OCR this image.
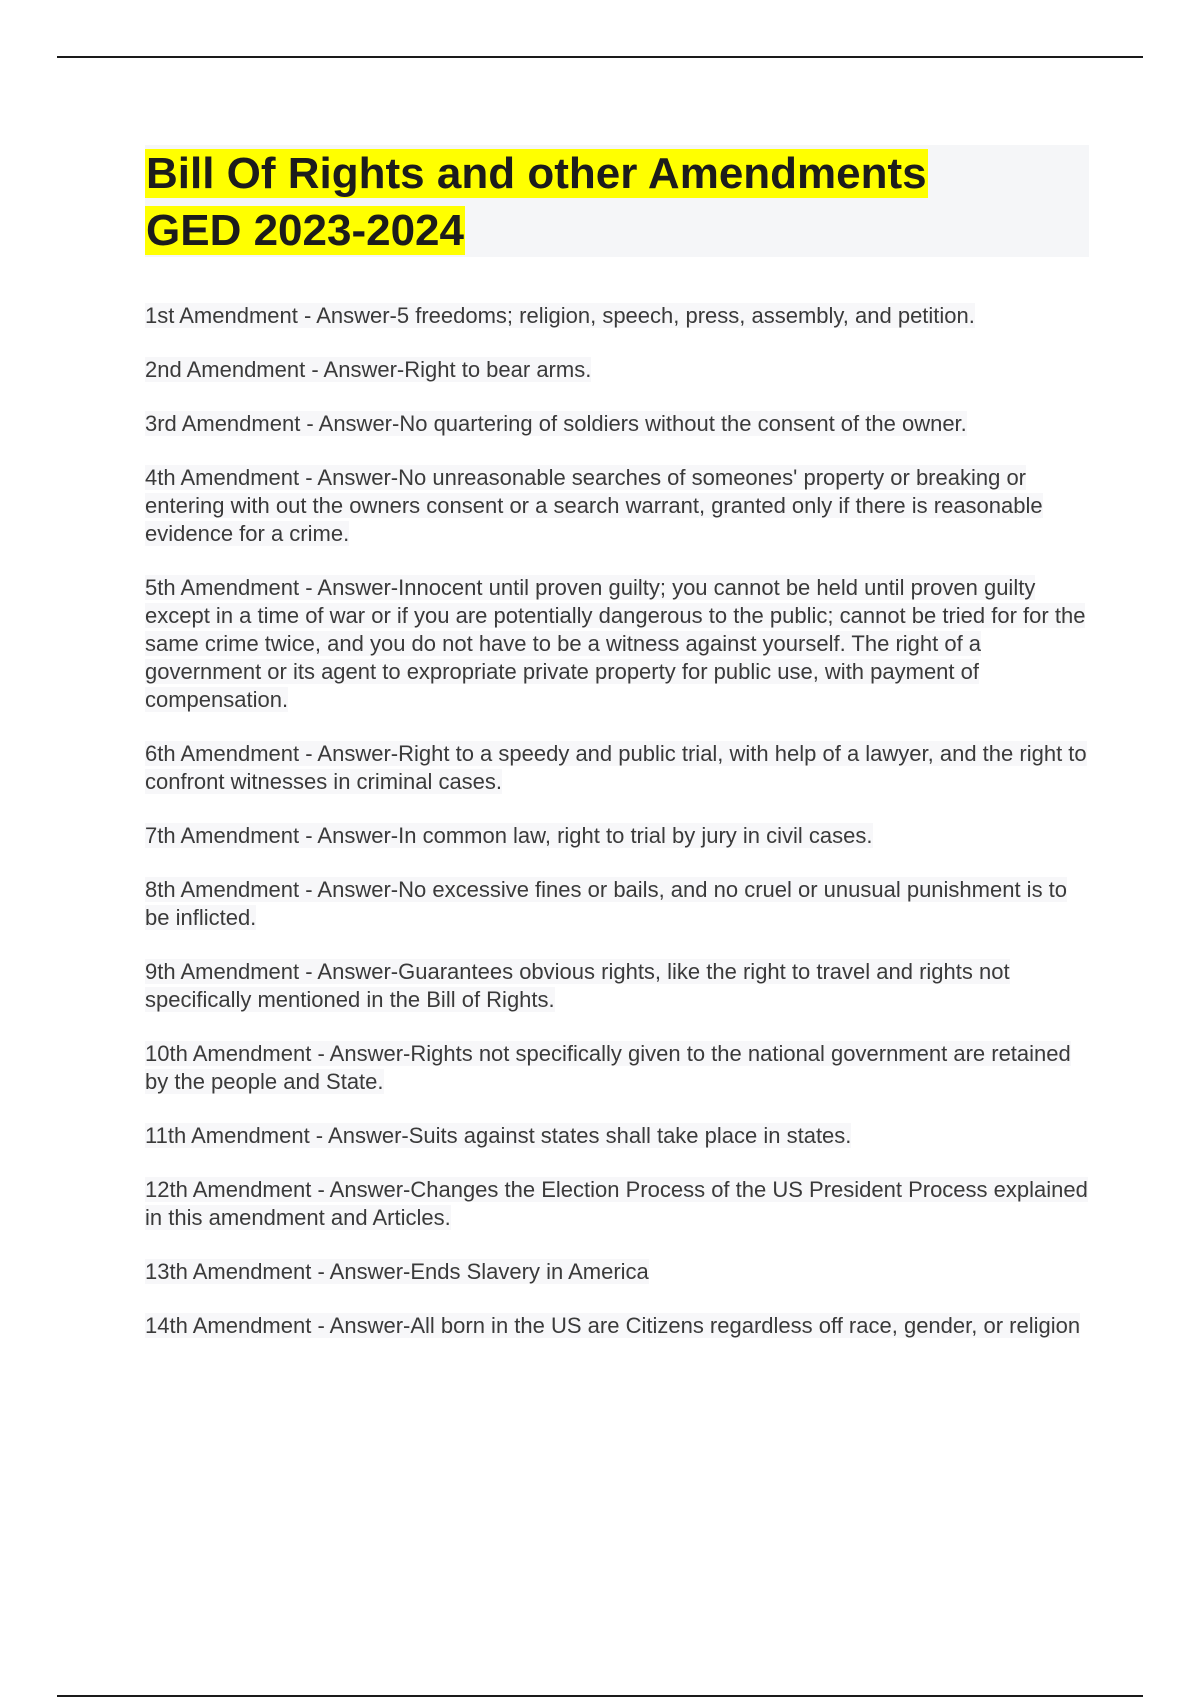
Bill Of Rights and other Amendments
GED 2023-2024
1st Amendment - Answer-5 freedoms; religion, speech, press, assembly, and petition.
2nd Amendment - Answer-Right to bear arms.
3rd Amendment - Answer-No quartering of soldiers without the consent of the owner.
4th Amendment - Answer-No unreasonable searches of someones' property or breaking or entering with out the owners consent or a search warrant, granted only if there is reasonable evidence for a crime.
5th Amendment - Answer-Innocent until proven guilty; you cannot be held until proven guilty except in a time of war or if you are potentially dangerous to the public; cannot be tried for for the same crime twice, and you do not have to be a witness against yourself. The right of a government or its agent to expropriate private property for public use, with payment of compensation.
6th Amendment - Answer-Right to a speedy and public trial, with help of a lawyer, and the right to confront witnesses in criminal cases.
7th Amendment - Answer-In common law, right to trial by jury in civil cases.
8th Amendment - Answer-No excessive fines or bails, and no cruel or unusual punishment is to be inflicted.
9th Amendment - Answer-Guarantees obvious rights, like the right to travel and rights not specifically mentioned in the Bill of Rights.
10th Amendment - Answer-Rights not specifically given to the national government are retained by the people and State.
11th Amendment - Answer-Suits against states shall take place in states.
12th Amendment - Answer-Changes the Election Process of the US President Process explained in this amendment and Articles.
13th Amendment - Answer-Ends Slavery in America
14th Amendment - Answer-All born in the US are Citizens regardless off race, gender, or religion
